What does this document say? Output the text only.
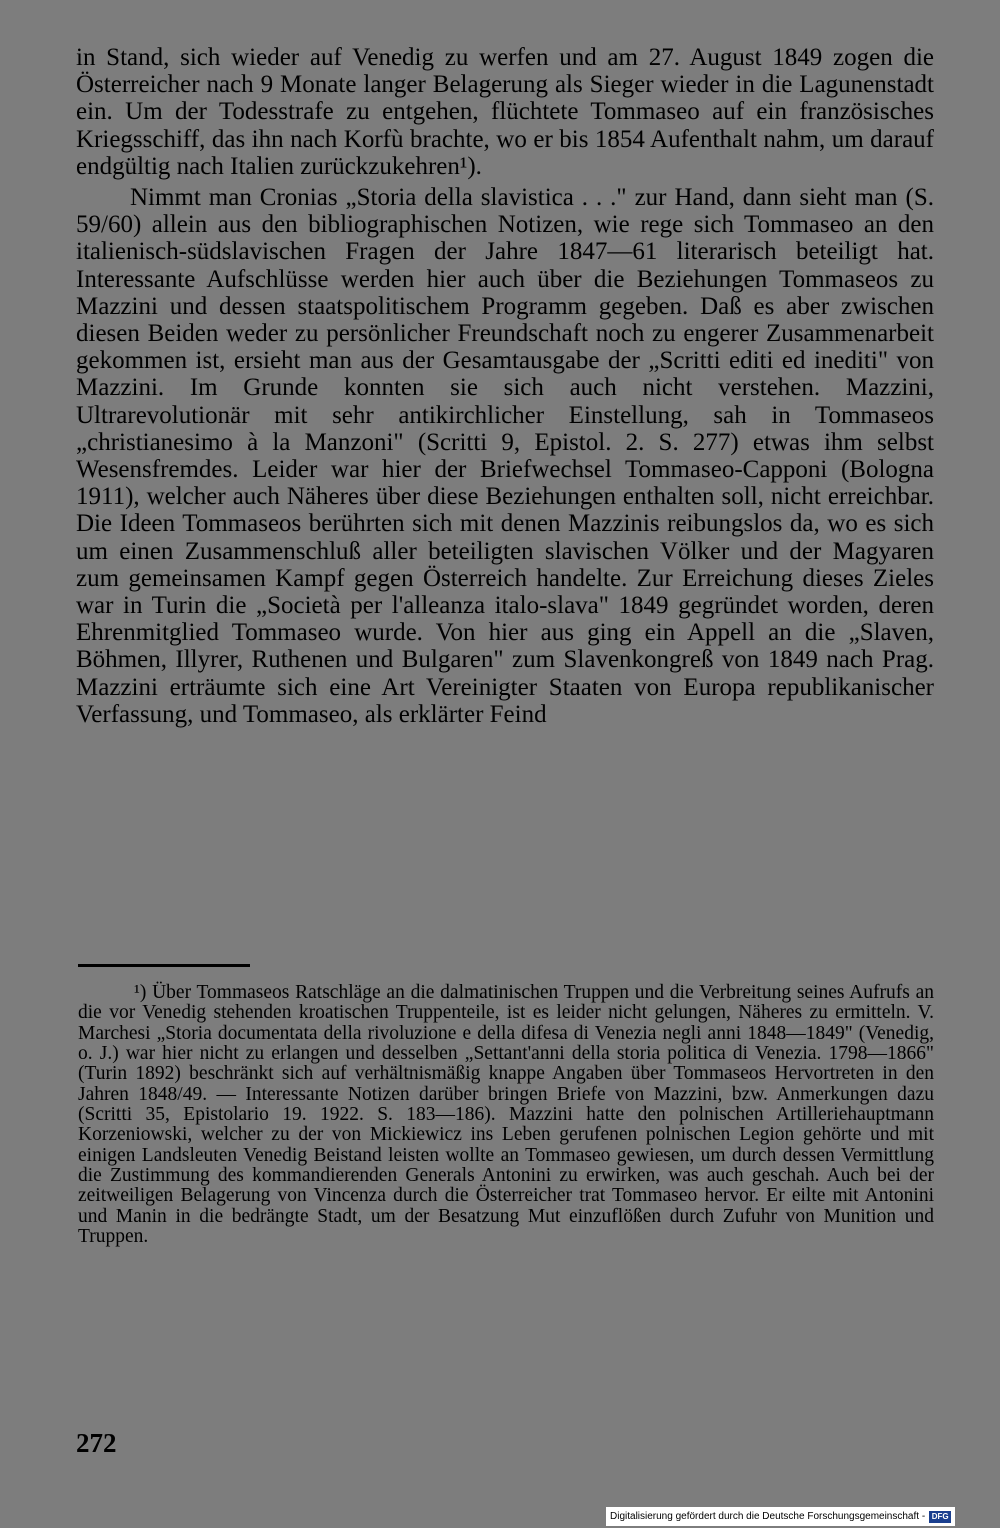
in Stand, sich wieder auf Venedig zu werfen und am 27. August 1849 zogen die Österreicher nach 9 Monate langer Belagerung als Sieger wieder in die Lagunenstadt ein. Um der Todesstrafe zu entgehen, flüchtete Tommaseo auf ein französisches Kriegsschiff, das ihn nach Korfù brachte, wo er bis 1854 Aufenthalt nahm, um darauf endgültig nach Italien zurückzukehren¹).

Nimmt man Cronias „Storia della slavistica . . ." zur Hand, dann sieht man (S. 59/60) allein aus den bibliographischen Notizen, wie rege sich Tommaseo an den italienisch-südslavischen Fragen der Jahre 1847—61 literarisch beteiligt hat. Interessante Aufschlüsse werden hier auch über die Beziehungen Tommaseos zu Mazzini und dessen staatspolitischem Programm gegeben. Daß es aber zwischen diesen Beiden weder zu persönlicher Freundschaft noch zu engerer Zusammenarbeit gekommen ist, ersieht man aus der Gesamtausgabe der „Scritti editi ed inediti" von Mazzini. Im Grunde konnten sie sich auch nicht verstehen. Mazzini, Ultrarevolutionär mit sehr antikirchlicher Einstellung, sah in Tommaseos „christianesimo à la Manzoni" (Scritti 9, Epistol. 2. S. 277) etwas ihm selbst Wesensfremdes. Leider war hier der Briefwechsel Tommaseo-Capponi (Bologna 1911), welcher auch Näheres über diese Beziehungen enthalten soll, nicht erreichbar. Die Ideen Tommaseos berührten sich mit denen Mazzinis reibungslos da, wo es sich um einen Zusammenschluß aller beteiligten slavischen Völker und der Magyaren zum gemeinsamen Kampf gegen Österreich handelte. Zur Erreichung dieses Zieles war in Turin die „Società per l'alleanza italo-slava" 1849 gegründet worden, deren Ehrenmitglied Tommaseo wurde. Von hier aus ging ein Appell an die „Slaven, Böhmen, Illyrer, Ruthenen und Bulgaren" zum Slavenkongreß von 1849 nach Prag. Mazzini erträumte sich eine Art Vereinigter Staaten von Europa republikanischer Verfassung, und Tommaseo, als erklärter Feind

¹) Über Tommaseos Ratschläge an die dalmatinischen Truppen und die Verbreitung seines Aufrufs an die vor Venedig stehenden kroatischen Truppenteile, ist es leider nicht gelungen, Näheres zu ermitteln. V. Marchesi „Storia documentata della rivoluzione e della difesa di Venezia negli anni 1848—1849" (Venedig, o. J.) war hier nicht zu erlangen und desselben „Settant'anni della storia politica di Venezia. 1798—1866" (Turin 1892) beschränkt sich auf verhältnismäßig knappe Angaben über Tommaseos Hervortreten in den Jahren 1848/49. — Interessante Notizen darüber bringen Briefe von Mazzini, bzw. Anmerkungen dazu (Scritti 35, Epistolario 19. 1922. S. 183—186). Mazzini hatte den polnischen Artilleriehauptmann Korzeniowski, welcher zu der von Mickiewicz ins Leben gerufenen polnischen Legion gehörte und mit einigen Landsleuten Venedig Beistand leisten wollte an Tommaseo gewiesen, um durch dessen Vermittlung die Zustimmung des kommandierenden Generals Antonini zu erwirken, was auch geschah. Auch bei der zeitweiligen Belagerung von Vincenza durch die Österreicher trat Tommaseo hervor. Er eilte mit Antonini und Manin in die bedrängte Stadt, um der Besatzung Mut einzuflößen durch Zufuhr von Munition und Truppen.

272
Digitalisierung gefördert durch die Deutsche Forschungsgemeinschaft - DFG
